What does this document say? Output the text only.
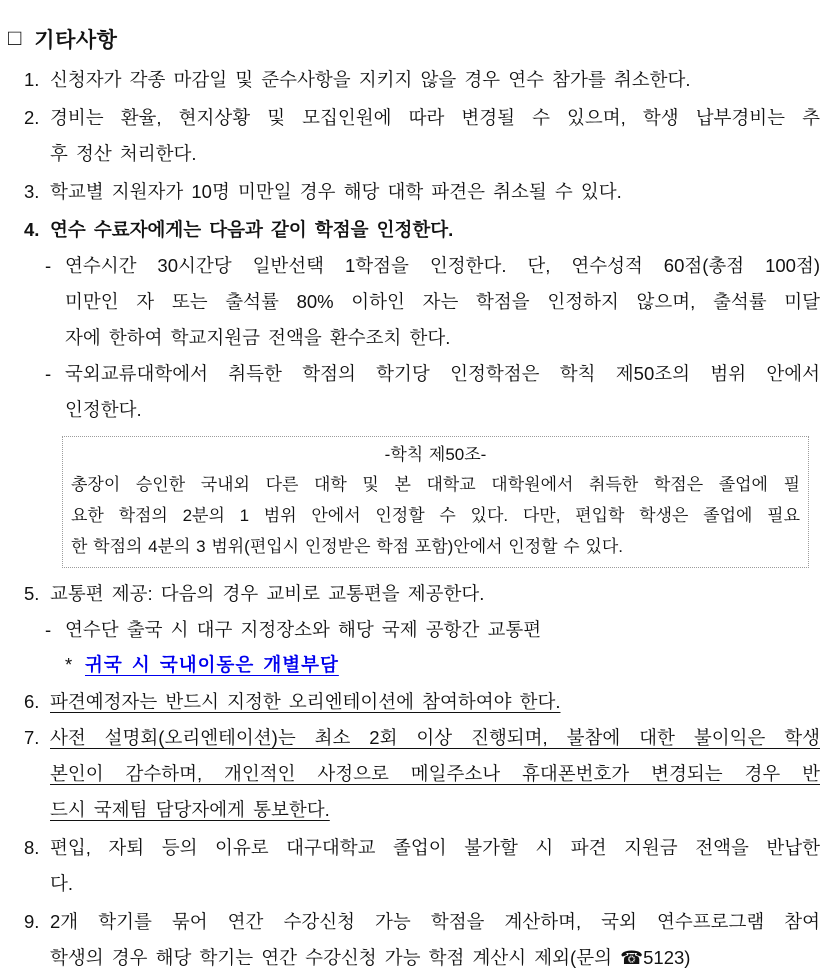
□ 기타사항
1. 신청자가 각종 마감일 및 준수사항을 지키지 않을 경우 연수 참가를 취소한다.
2. 경비는 환율, 현지상황 및 모집인원에 따라 변경될 수 있으며, 학생 납부경비는 추
후 정산 처리한다.
3. 학교별 지원자가 10명 미만일 경우 해당 대학 파견은 취소될 수 있다.
4. 연수 수료자에게는 다음과 같이 학점을 인정한다.
- 연수시간 30시간당 일반선택 1학점을 인정한다. 단, 연수성적 60점(총점 100점)
미만인 자 또는 출석률 80% 이하인 자는 학점을 인정하지 않으며, 출석률 미달
자에 한하여 학교지원금 전액을 환수조치 한다.
- 국외교류대학에서 취득한 학점의 학기당 인정학점은 학칙 제50조의 범위 안에서
인정한다.
-학칙 제50조-
총장이 승인한 국내외 다른 대학 및 본 대학교 대학원에서 취득한 학점은 졸업에 필
요한 학점의 2분의 1 범위 안에서 인정할 수 있다. 다만, 편입학 학생은 졸업에 필요
한 학점의 4분의 3 범위(편입시 인정받은 학점 포함)안에서 인정할 수 있다.
5. 교통편 제공: 다음의 경우 교비로 교통편을 제공한다.
- 연수단 출국 시 대구 지정장소와 해당 국제 공항간 교통편
* 귀국 시 국내이동은 개별부담
6. 파견예정자는 반드시 지정한 오리엔테이션에 참여하여야 한다.
7. 사전 설명회(오리엔테이션)는 최소 2회 이상 진행되며, 불참에 대한 불이익은 학생
본인이 감수하며, 개인적인 사정으로 메일주소나 휴대폰번호가 변경되는 경우 반
드시 국제팀 담당자에게 통보한다.
8. 편입, 자퇴 등의 이유로 대구대학교 졸업이 불가할 시 파견 지원금 전액을 반납한
다.
9. 2개 학기를 묶어 연간 수강신청 가능 학점을 계산하며, 국외 연수프로그램 참여
학생의 경우 해당 학기는 연간 수강신청 가능 학점 계산시 제외(문의 ☎︎5123)
